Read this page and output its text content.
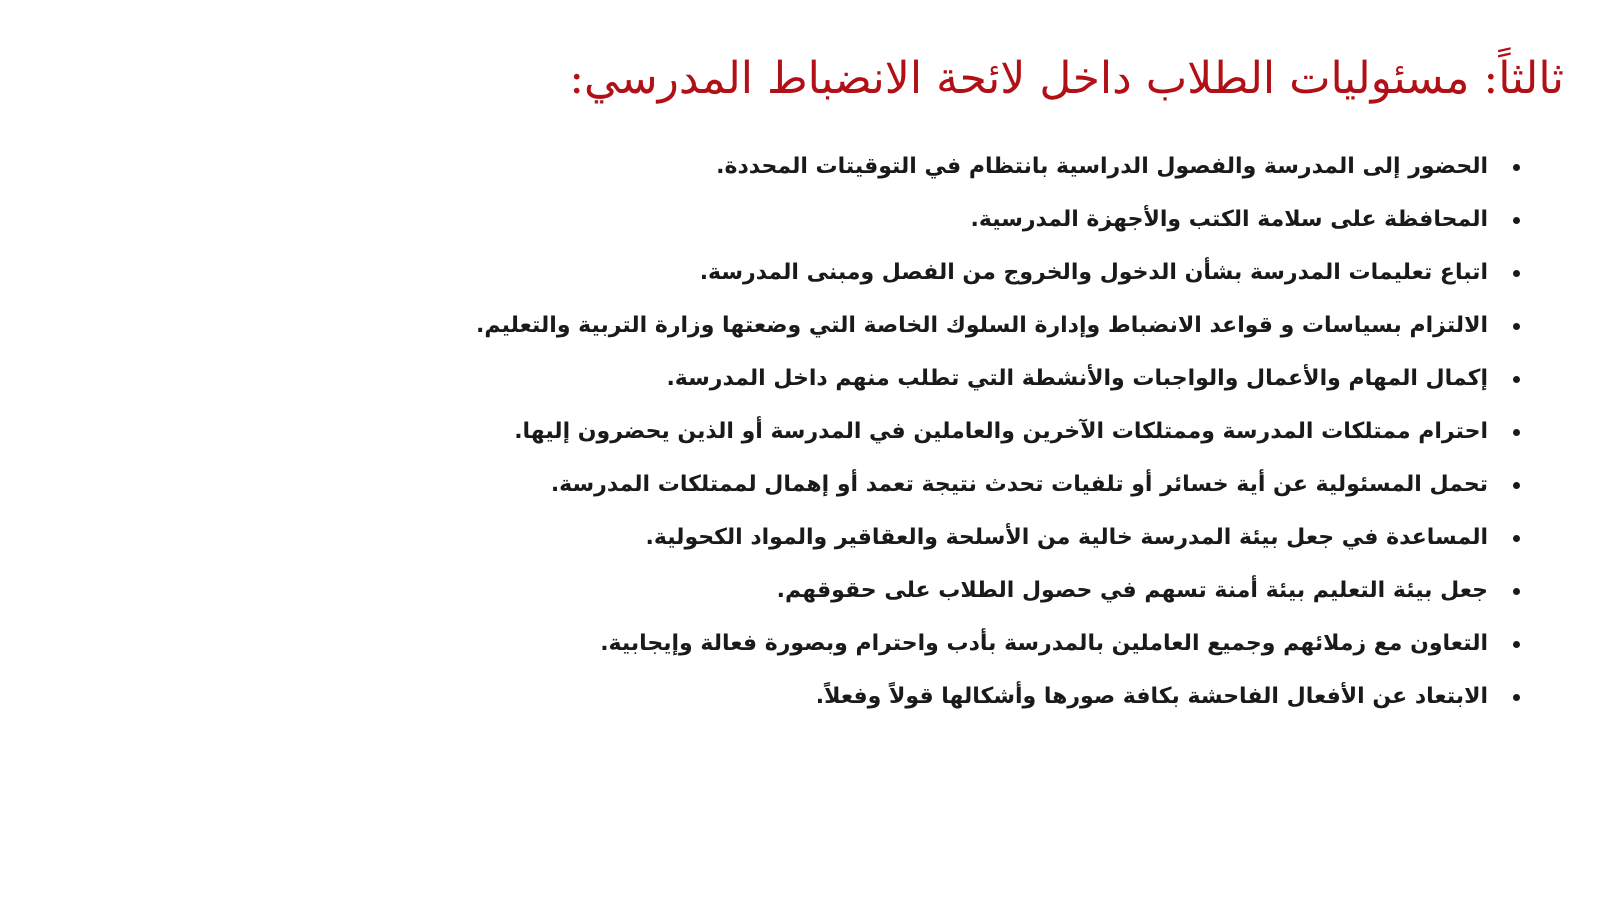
ثالثاً: مسئوليات الطلاب داخل لائحة الانضباط المدرسي:
الحضور إلى المدرسة والفصول الدراسية بانتظام في التوقيتات المحددة.
المحافظة على سلامة الكتب والأجهزة المدرسية.
اتباع تعليمات المدرسة بشأن الدخول والخروج من الفصل ومبنى المدرسة.
الالتزام بسياسات و قواعد الانضباط وإدارة السلوك الخاصة التي وضعتها وزارة التربية والتعليم.
إكمال المهام والأعمال والواجبات والأنشطة التي تطلب منهم داخل المدرسة.
احترام ممتلكات المدرسة وممتلكات الآخرين والعاملين في المدرسة أو الذين يحضرون إليها.
تحمل المسئولية عن أية خسائر أو تلفيات تحدث نتيجة تعمد أو إهمال لممتلكات المدرسة.
المساعدة في جعل بيئة المدرسة خالية من الأسلحة والعقاقير والمواد الكحولية.
جعل بيئة التعليم بيئة أمنة تسهم في حصول الطلاب على حقوقهم.
التعاون مع زملائهم وجميع العاملين بالمدرسة بأدب واحترام وبصورة فعالة وإيجابية.
الابتعاد عن الأفعال الفاحشة بكافة صورها وأشكالها قولاً وفعلاً.
